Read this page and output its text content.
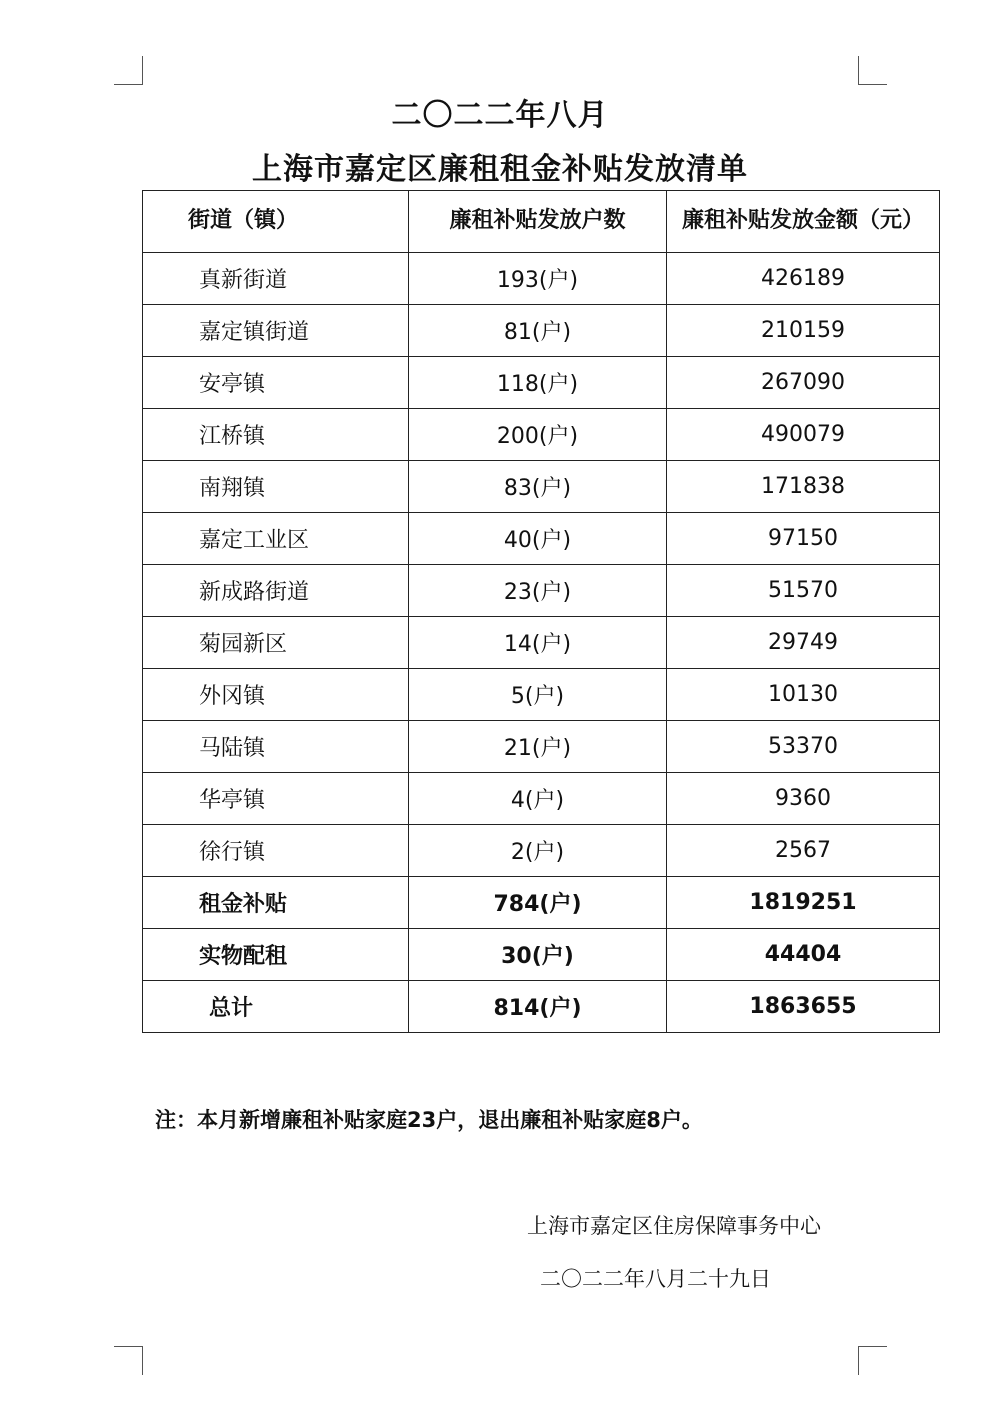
二〇二二年八月
上海市嘉定区廉租租金补贴发放清单
街道（镇）	廉租补贴发放户数	廉租补贴发放金额（元）
真新街道	193(户)	426189
嘉定镇街道	81(户)	210159
安亭镇	118(户)	267090
江桥镇	200(户)	490079
南翔镇	83(户)	171838
嘉定工业区	40(户)	97150
新成路街道	23(户)	51570
菊园新区	14(户)	29749
外冈镇	5(户)	10130
马陆镇	21(户)	53370
华亭镇	4(户)	9360
徐行镇	2(户)	2567
租金补贴	784(户)	1819251
实物配租	30(户)	44404
总计	814(户)	1863655
注：本月新增廉租补贴家庭23户，退出廉租补贴家庭8户。
上海市嘉定区住房保障事务中心
二〇二二年八月二十九日
